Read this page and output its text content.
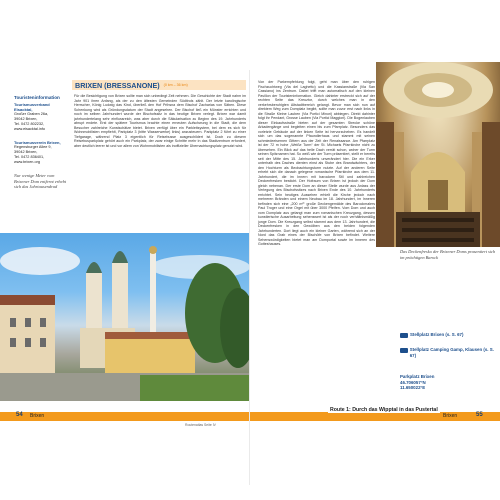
Touristeninformation
Tourismusverband Eisacktal,
Großer Graben 26a,
39042 Brixen,
Tel. 0472 802232,
www.eisacktal.info
Tourismusverein Brixen,
Regensburger Allee 9,
39042 Brixen,
Tel. 0472 836401,
www.brixen.org
Nur wenige Meter vom Brixener Dom entfernt erhebt sich das Jahrtausendrad
BRIXEN (BRESSANONE) (0 km – 36 km)
Für die Besichtigung von Brixen sollte man sich unbedingt Zeit nehmen. Die Geschichte der Stadt nahm im Jahr 901 ihren Anfang, als der zu den ältesten Gemeinden Südtirols zählt. Der letzte karolingische Herrscher, König Ludwig das Kind, überließ den Hof Prihsna dem Bischof Zacharias von Säben. Diese Schenkung wird als Gründungsdatum der Stadt angesehen. Der Bischof ließ ein Münster errichten und noch im selben Jahrhundert wurde der Bischofssitz in das heutige Brixen verlegt. Brixen war damit jahrhundertelang sehr einflussreich, was aber durch die Säkularisation zu Beginn des 19. Jahrhunderts abrupt endete. Erst der spätere Tourismus brachte einen erneuten Aufschwung in die Stadt, die dem Besucher zahlreiche Kunstschätze bietet. Brixen verfügt über ein Parkleitsystem, bei dem es sich für Wohnmobilisten empfiehlt, Parkplatz 3 (bitte Wasserwerke) links) anzusteuern. Parkplatz 2 führt zu einer Tiefgarage, während Platz 3 eigentlich für Reisebusse ausgeschildert ist. Doch zu diesem Reisebusparkplatz gehört auch ein Parkplatz, der zwar einige Schritte mehr in das Stadtzentrum erfordert, aber deutlich leerer ist und vor allem von Wohnmobilisten als inoffizieller Übernachtungsplatz genutzt wird.
54 Brixen
Routenatlas Seite IV
Von der Parkempfehlung folgt, geht man über den ruhigen Fischzuchtweg (Via del Laghetto) und die Kassianstraße (Via San Cassiano) ins Zentrum. Dabei trifft man automatisch auf den kleinen Pavillon der Touristeninformation. Gleich dahinter erstreckt sich auf der rechten Seite das Kreuztor, durch welches man in den verkehrsberuhigten Altstadtbereich gelangt. Bevor man sich nun auf direktem Weg zum Domplatz begibt, sollte man zuvor erst nach links in die Straße Kleine Lauben (Via Portici Minori) abbiegen. Direkt dahinter folgt ihr Pendant, Grosse Lauben (Via Portici Maggiori). Die Bogenlauben dieser Einkaufsstraße bieten auf der gesamten Strecke schöne Arkadengänge und begleiten einen bis zum Pfarrplatz. Besonders das vorletzte Gebäude auf der linken Seite ist hervorzuheben. Es handelt sich um das sogenannte Pfaundlerhaus und stammt mit seinen schmiedeeisernen Gittern aus der Zeit der Renaissance. Am Pfarrplatz ist der 72 m hohe „Weiße Turm“ der St. Michaels Pfarrkirche nicht zu übersehen. Ein Blick auf das helle Dach verrät schon, woher der Turm seinen Spitznamen hat. So weiß wie der Turm präsentiert, stellt er bereits seit der Mitte des 15. Jahrhunderts unverändert hier. Die ein Erker unterhalb des Daches dienten einst als Stube des Brandwächters, der den Hochturm als Beobachtungsturm nutzte. Auf der anderen Seite erhebt sich die danach gelegene romanische Pfarrkirche aus dem 11. Jahrhundert, die im Innern mit barockem Stil und zahlreichen Deckenfresken besticht. Der Hofraum von Brixen ist jedoch der Dom gleich nebenan. Der erste Dom an dieser Stelle wurde aus Anlass der Verlegung des Bischofssitzes nach Brixen Ende des 10. Jahrhunderts errichtet. Sein heutiges Aussehen erhielt die Kirche jedoch nach mehreren Bränden und einem Neubau im 18. Jahrhundert, im Inneren befinden sich eine „200 m²“ große Deckengemälde des Barockmalers Paul Troger und eine Orgel mit über 3000 Pfeifen. Vom Dom und auch vom Domplatz aus gelangt man zum romanischen Kreuzgang, dessen kunstlerische Ausarbeitung sehenswert ist als der noch verhältnismäßig junge Dom. Die Kreuzgang selbst stammt aus dem 13. Jahrhundert, die Deckenfresken in den Gewölben aus den beiden folgenden Jahrhunderten. Dort liegt auch ein kleiner Garten, während sich an der Nord das Grab eines der Bischöfe von Brixen befindet. Weitere Sehenswürdigkeiten bietet man am Domportal sowie im Inneren des Gotteshauses.
Das Deckenfresko der Brixener Doms prasentiert sich im prächtigen Barock
Stellplatz Brixen (s. S. 67)
Stellplatz Camping Gamp, Klausen (s. S. 67)
Parkplatz Brixen
46.706057°N
11.650022°E
Route 1: Durch das Wipptal in das Pustertal
Brixen	55
